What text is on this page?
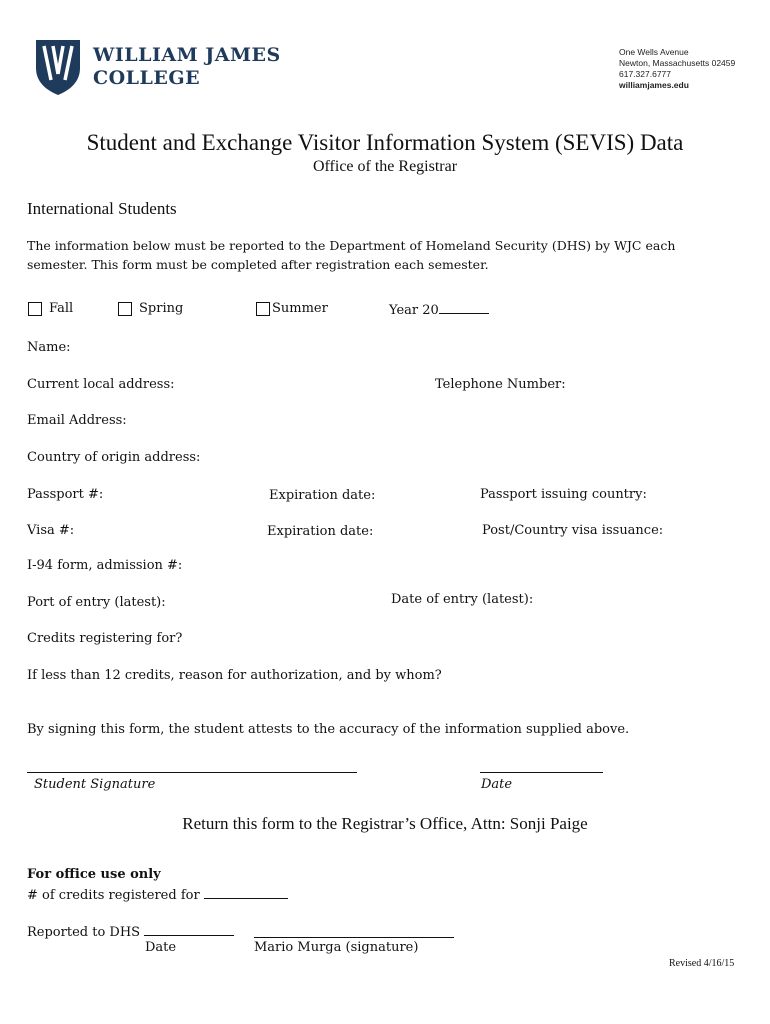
WILLIAM JAMES
COLLEGE
One Wells Avenue
Newton, Massachusetts 02459
617.327.6777
williamjames.edu
Student and Exchange Visitor Information System (SEVIS) Data
Office of the Registrar
International Students
The information below must be reported to the Department of Homeland Security (DHS) by WJC each
semester. This form must be completed after registration each semester.
Fall	Spring	Summer	Year 20
Name:
Current local address:	Telephone Number:
Email Address:
Country of origin address:
Passport #:	Expiration date:	Passport issuing country:
Visa #:	Expiration date:	Post/Country visa issuance:
I-94 form, admission #:
Port of entry (latest):	Date of entry (latest):
Credits registering for?
If less than 12 credits, reason for authorization, and by whom?
By signing this form, the student attests to the accuracy of the information supplied above.
Student Signature	Date
Return this form to the Registrar’s Office, Attn: Sonji Paige
For office use only
# of credits registered for
Reported to DHS
Date	Mario Murga (signature)
Revised 4/16/15
